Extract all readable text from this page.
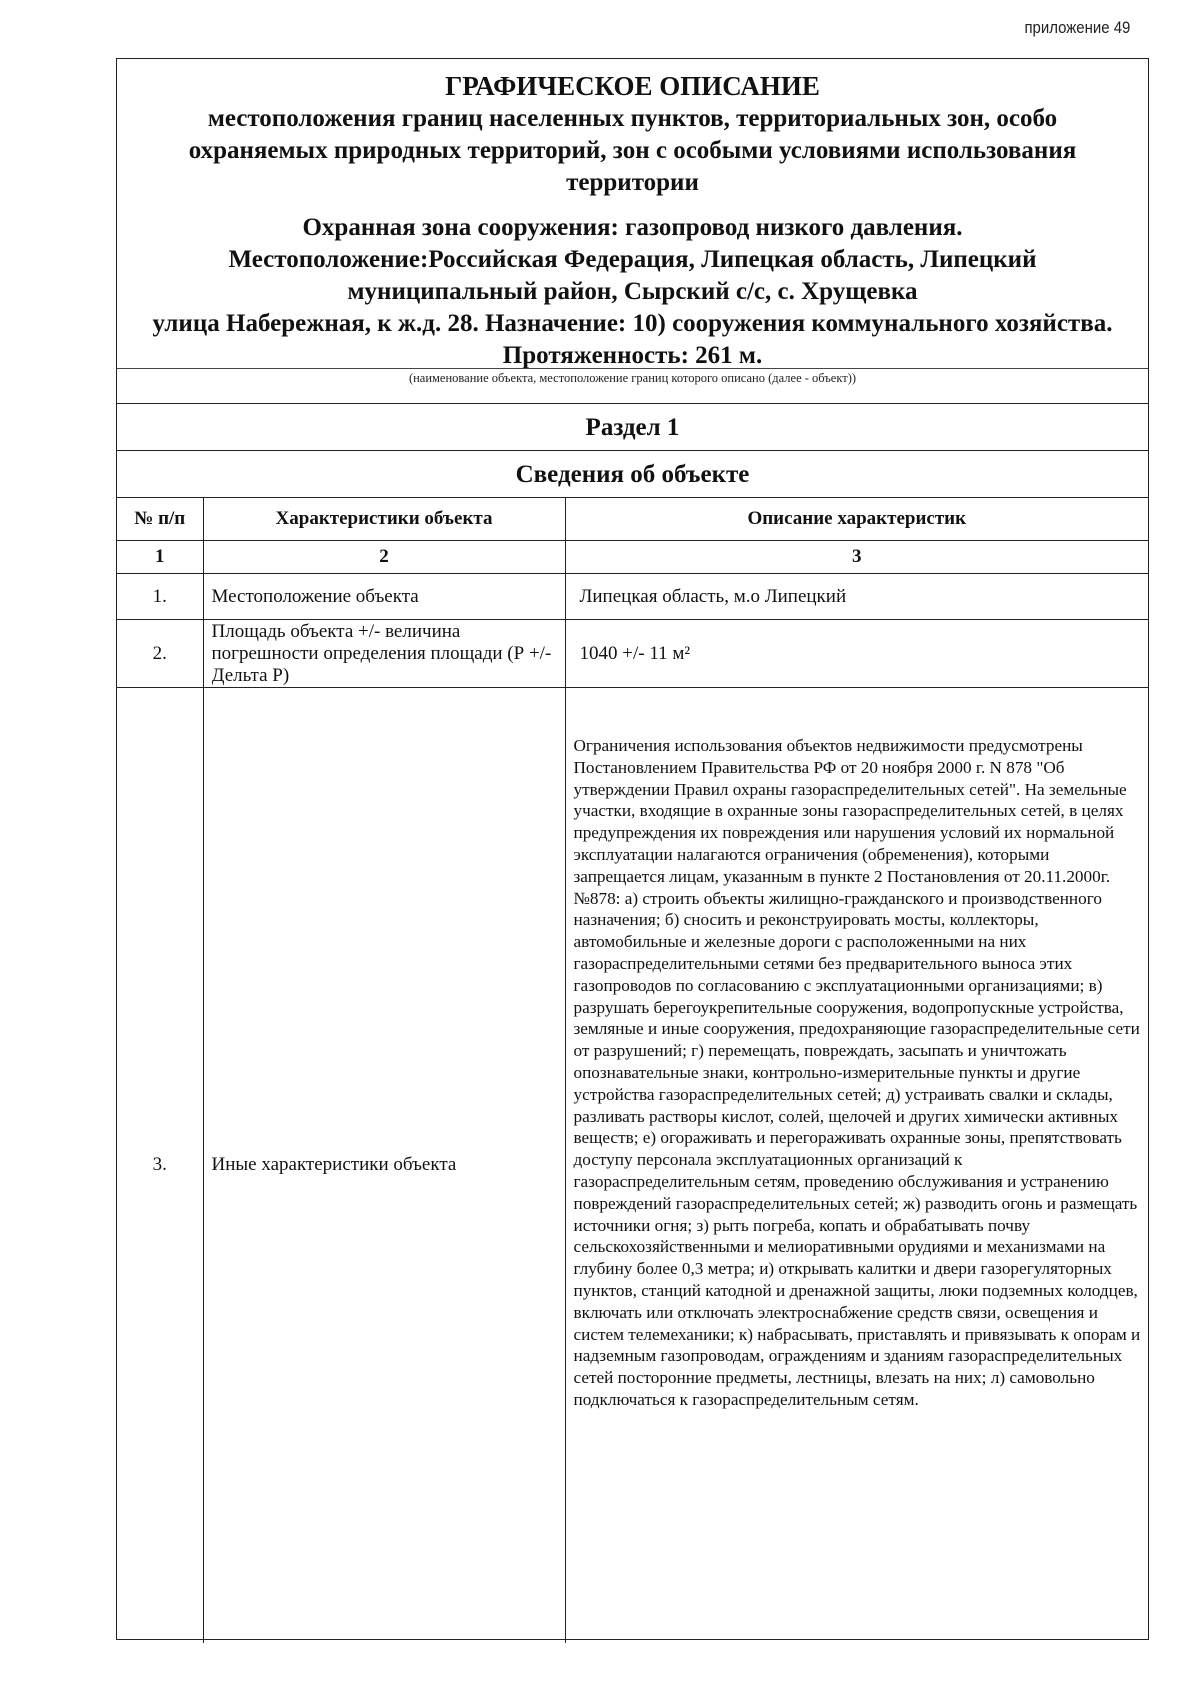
приложение 49
ГРАФИЧЕСКОЕ ОПИСАНИЕ
местоположения границ населенных пунктов, территориальных зон, особо охраняемых природных территорий, зон с особыми условиями использования территории
Охранная зона сооружения: газопровод низкого давления.
Местоположение:Российская Федерация, Липецкая область, Липецкий муниципальный район, Сырский с/с, с. Хрущевка
улица Набережная, к ж.д. 28. Назначение: 10) сооружения коммунального хозяйства. Протяженность: 261 м.
(наименование объекта, местоположение границ которого описано (далее - объект))
Раздел 1
Сведения об объекте
№ п/п	Характеристики объекта	Описание характеристик
1	2	3
1.	Местоположение объекта	Липецкая область, м.о Липецкий
2.	Площадь объекта +/- величина погрешности определения площади (Р +/- Дельта Р)	1040 +/- 11 м²
3.	Иные характеристики объекта	Ограничения использования объектов недвижимости предусмотрены Постановлением Правительства РФ от 20 ноября 2000 г. N 878 "Об утверждении Правил охраны газораспределительных сетей". На земельные участки, входящие в охранные зоны газораспределительных сетей, в целях предупреждения их повреждения или нарушения условий их нормальной эксплуатации налагаются ограничения (обременения), которыми запрещается лицам, указанным в пункте 2 Постановления от 20.11.2000г. №878: а) строить объекты жилищно-гражданского и производственного назначения; б) сносить и реконструировать мосты, коллекторы, автомобильные и железные дороги с расположенными на них газораспределительными сетями без предварительного выноса этих газопроводов по согласованию с эксплуатационными организациями; в) разрушать берегоукрепительные сооружения, водопропускные устройства, земляные и иные сооружения, предохраняющие газораспределительные сети от разрушений; г) перемещать, повреждать, засыпать и уничтожать опознавательные знаки, контрольно-измерительные пункты и другие устройства газораспределительных сетей; д) устраивать свалки и склады, разливать растворы кислот, солей, щелочей и других химически активных веществ; е) огораживать и перегораживать охранные зоны, препятствовать доступу персонала эксплуатационных организаций к газораспределительным сетям, проведению обслуживания и устранению повреждений газораспределительных сетей; ж) разводить огонь и размещать источники огня; з) рыть погреба, копать и обрабатывать почву сельскохозяйственными и мелиоративными орудиями и механизмами на глубину более 0,3 метра; и) открывать калитки и двери газорегуляторных пунктов, станций катодной и дренажной защиты, люки подземных колодцев, включать или отключать электроснабжение средств связи, освещения и систем телемеханики; к) набрасывать, приставлять и привязывать к опорам и надземным газопроводам, ограждениям и зданиям газораспределительных сетей посторонние предметы, лестницы, влезать на них; л) самовольно подключаться к газораспределительным сетям.
